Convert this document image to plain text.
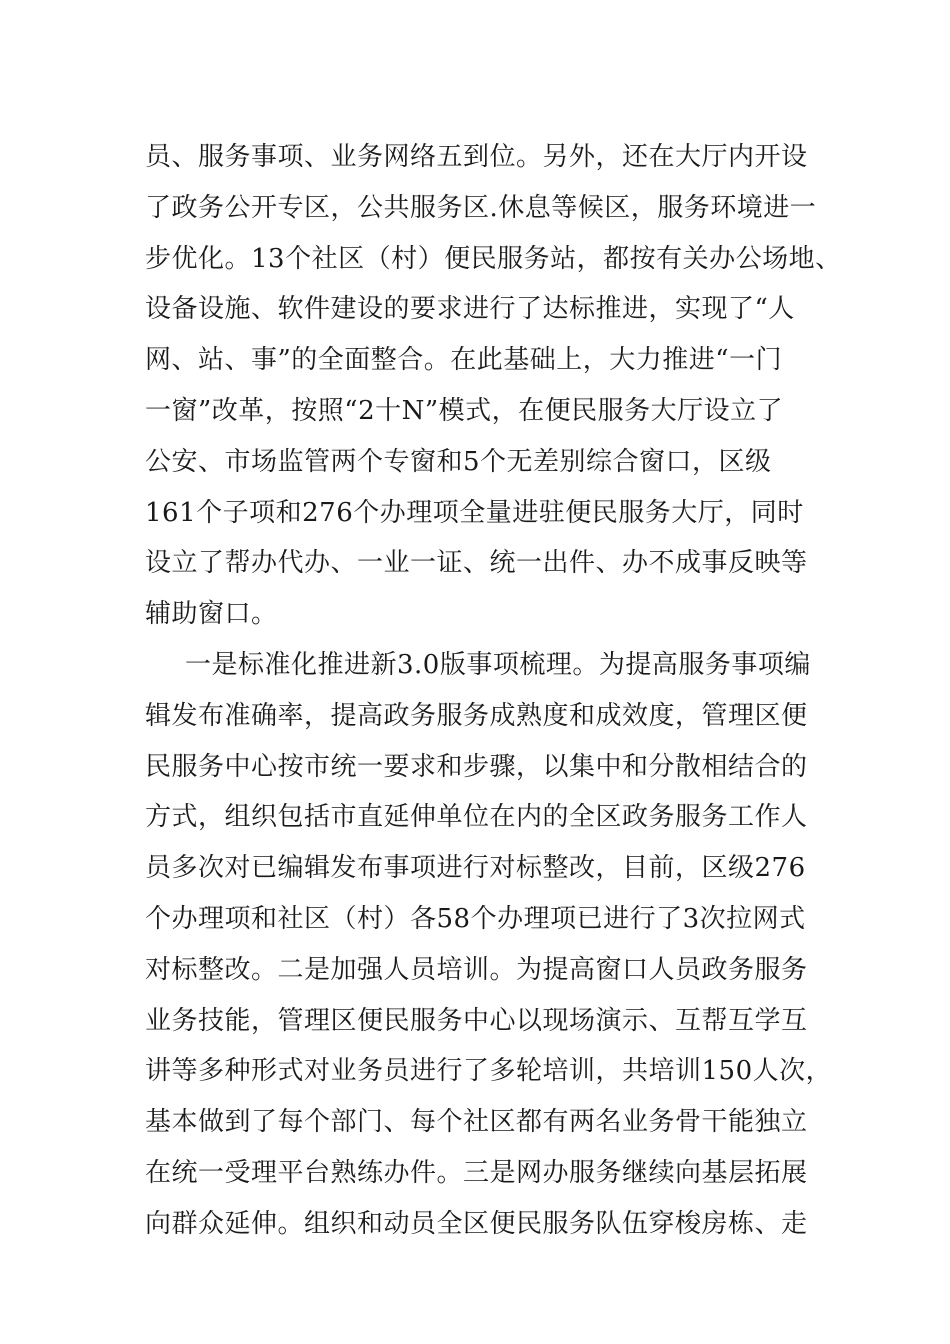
员、服务事项、业务网络五到位。另外，还在大厅内开设
了政务公开专区，公共服务区.休息等候区，服务环境进一
步优化。13个社区（村）便民服务站，都按有关办公场地、
设备设施、软件建设的要求进行了达标推进，实现了“人
网、站、事”的全面整合。在此基础上，大力推进“一门
一窗”改革，按照“2十N”模式，在便民服务大厅设立了
公安、市场监管两个专窗和5个无差别综合窗口，区级
161个子项和276个办理项全量进驻便民服务大厅，同时
设立了帮办代办、一业一证、统一出件、办不成事反映等
辅助窗口。
一是标准化推进新3.0版事项梳理。为提高服务事项编
辑发布准确率，提高政务服务成熟度和成效度，管理区便
民服务中心按市统一要求和步骤，以集中和分散相结合的
方式，组织包括市直延伸单位在内的全区政务服务工作人
员多次对已编辑发布事项进行对标整改，目前，区级276
个办理项和社区（村）各58个办理项已进行了3次拉网式
对标整改。二是加强人员培训。为提高窗口人员政务服务
业务技能，管理区便民服务中心以现场演示、互帮互学互
讲等多种形式对业务员进行了多轮培训，共培训150人次，
基本做到了每个部门、每个社区都有两名业务骨干能独立
在统一受理平台熟练办件。三是网办服务继续向基层拓展
向群众延伸。组织和动员全区便民服务队伍穿梭房栋、走
